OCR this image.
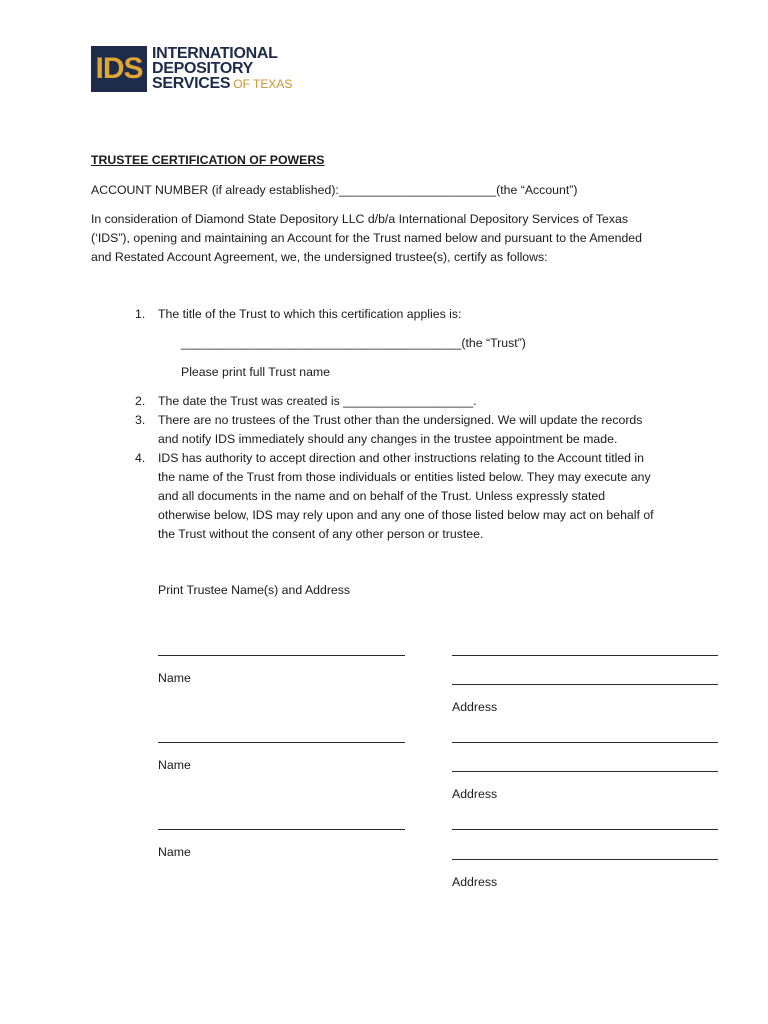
IDS INTERNATIONAL
DEPOSITORY
SERVICES OF TEXAS
TRUSTEE CERTIFICATION OF POWERS
ACCOUNT NUMBER (if already established):_______________________(the “Account”)
In consideration of Diamond State Depository LLC d/b/a International Depository Services of Texas
(‘IDS”), opening and maintaining an Account for the Trust named below and pursuant to the Amended
and Restated Account Agreement, we, the undersigned trustee(s), certify as follows:
1. The title of the Trust to which this certification applies is:
_________________________________________(the “Trust”)
Please print full Trust name
2. The date the Trust was created is ___________________.
3. There are no trustees of the Trust other than the undersigned. We will update the records
and notify IDS immediately should any changes in the trustee appointment be made.
4. IDS has authority to accept direction and other instructions relating to the Account titled in
the name of the Trust from those individuals or entities listed below. They may execute any
and all documents in the name and on behalf of the Trust. Unless expressly stated
otherwise below, IDS may rely upon and any one of those listed below may act on behalf of
the Trust without the consent of any other person or trustee.
Print Trustee Name(s) and Address
Name
Address
Name
Address
Name
Address
